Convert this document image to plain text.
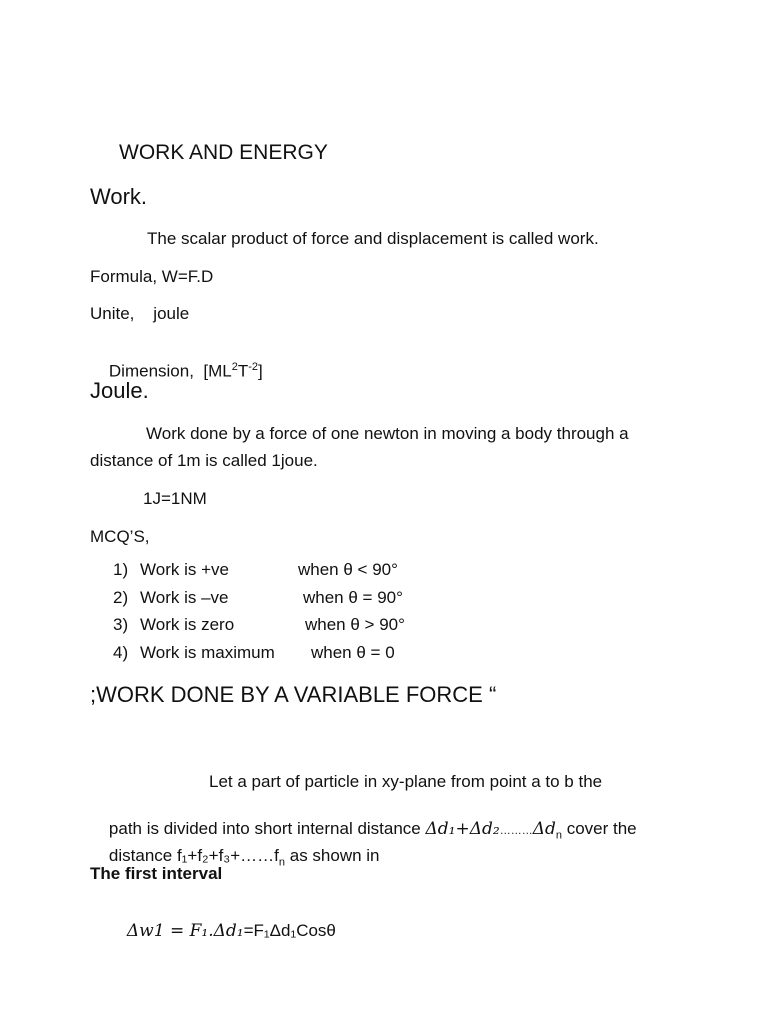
WORK AND ENERGY
Work.
The scalar product of force and displacement is called work.
Formula, W=F.D
Unite,    joule

Dimension,  $[ML^2T^{-2}]$

Joule.
Work done by a force of one newton in moving a body through a
distance of 1m is called 1joue.
1J=1NM
MCQ’S,
1) Work is +ve	when θ < 90°
2) Work is –ve	when θ = 90°
3) Work is zero	when θ > 90°
4) Work is maximum when θ = 0
;WORK DONE BY A VARIABLE FORCE “
Let a part of particle in xy-plane from point a to b the

path is divided into short internal distance $\Delta d_1+\Delta d_2\dots\dots\dots\Delta d_n$ cover the

distance $f_1+f_2+f_3+\dots\dots f_n$ as shown in

The first interval

Δw1 = F₁.Δd₁=F₁Δd₁Cosθ
